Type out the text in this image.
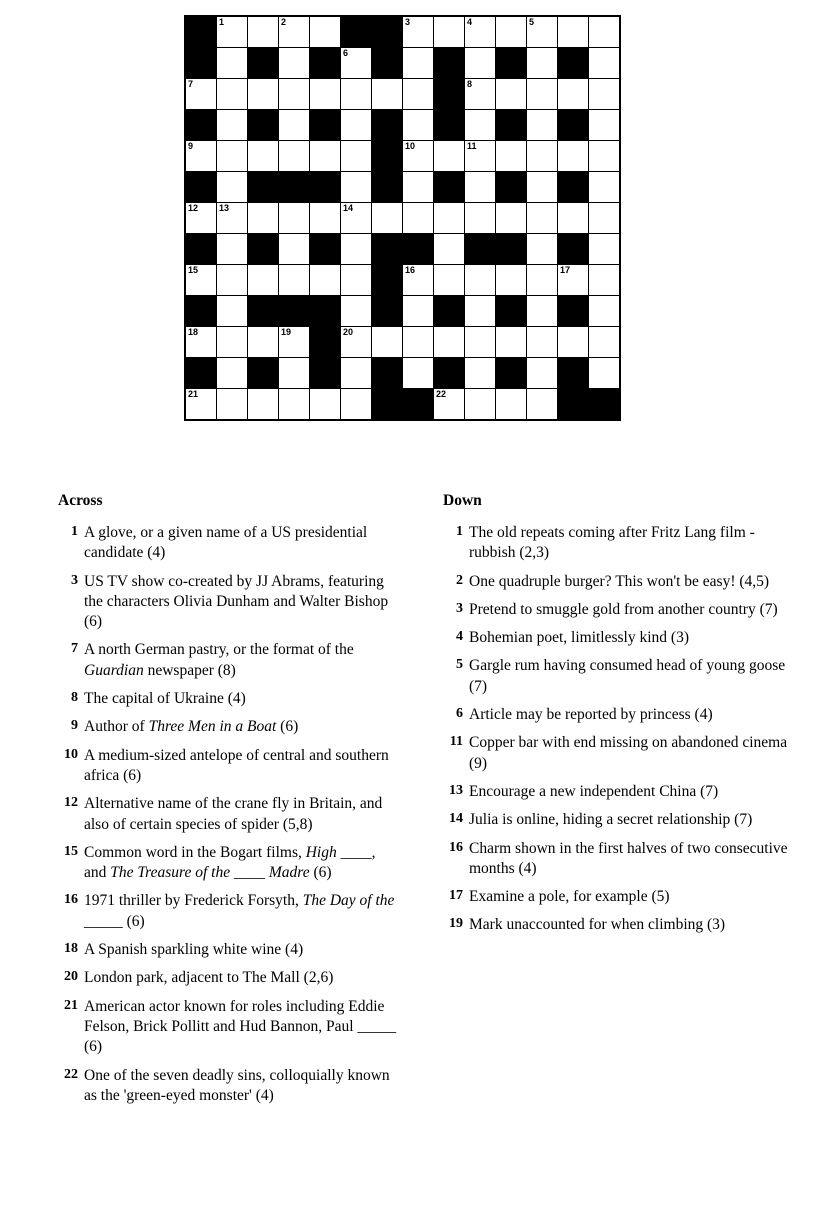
	1		2				3		4		5		

					6								

7									8				

9							10		11				

12	13				14								

15							16					17	

18			19		20								

21								22					

Across
1 A glove, or a given name of a US presidential candidate (4)
3 US TV show co-created by JJ Abrams, featuring the characters Olivia Dunham and Walter Bishop (6)
7 A north German pastry, or the format of the Guardian newspaper (8)
8 The capital of Ukraine (4)
9 Author of Three Men in a Boat (6)
10 A medium-sized antelope of central and southern africa (6)
12 Alternative name of the crane fly in Britain, and also of certain species of spider (5,8)
15 Common word in the Bogart films, High ____, and The Treasure of the ____ Madre (6)
16 1971 thriller by Frederick Forsyth, The Day of the _____ (6)
18 A Spanish sparkling white wine (4)
20 London park, adjacent to The Mall (2,6)
21 American actor known for roles including Eddie Felson, Brick Pollitt and Hud Bannon, Paul _____ (6)
22 One of the seven deadly sins, colloquially known as the 'green-eyed monster' (4)
Down
1 The old repeats coming after Fritz Lang film - rubbish (2,3)
2 One quadruple burger? This won't be easy! (4,5)
3 Pretend to smuggle gold from another country (7)
4 Bohemian poet, limitlessly kind (3)
5 Gargle rum having consumed head of young goose (7)
6 Article may be reported by princess (4)
11 Copper bar with end missing on abandoned cinema (9)
13 Encourage a new independent China (7)
14 Julia is online, hiding a secret relationship (7)
16 Charm shown in the first halves of two consecutive months (4)
17 Examine a pole, for example (5)
19 Mark unaccounted for when climbing (3)
